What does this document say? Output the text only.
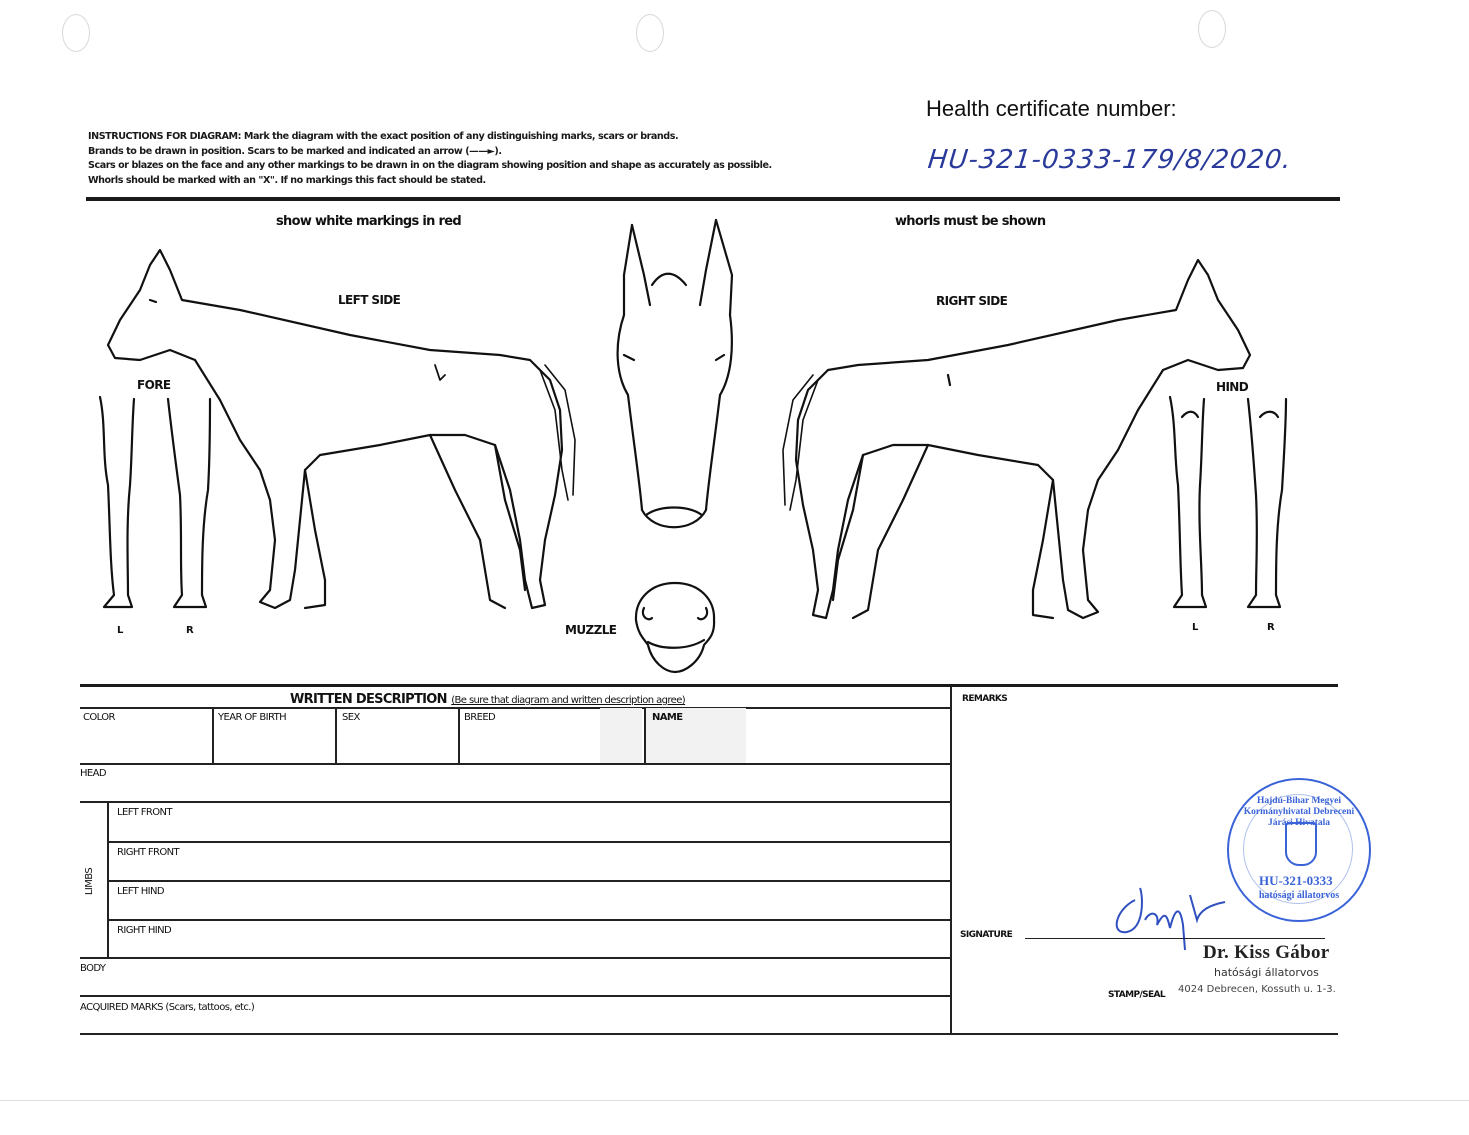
INSTRUCTIONS FOR DIAGRAM: Mark the diagram with the exact position of any distinguishing marks, scars or brands.
Brands to be drawn in position. Scars to be marked and indicated an arrow (——►).
Scars or blazes on the face and any other markings to be drawn in on the diagram showing position and shape as accurately as possible.
Whorls should be marked with an "X". If no markings this fact should be stated.
Health certificate number:
HU-321-0333-179/8/2020.
show white markings in red	whorls must be shown
LEFT SIDE	RIGHT SIDE
FORE	HIND
L	R	L	R
MUZZLE
WRITTEN DESCRIPTION (Be sure that diagram and written description agree)
COLOR	YEAR OF BIRTH	SEX	BREED	NAME
HEAD
LIMBS
LEFT FRONT
RIGHT FRONT
LEFT HIND
RIGHT HIND
BODY
ACQUIRED MARKS (Scars, tattoos, etc.)
REMARKS
Hajdú-Bihar Megyei Kormányhivatal Debreceni Járási Hivatala
HU-321-0333
hatósági állatorvos
SIGNATURE
Dr. Kiss Gábor
hatósági állatorvos
STAMP/SEAL 4024 Debrecen, Kossuth u. 1-3.
